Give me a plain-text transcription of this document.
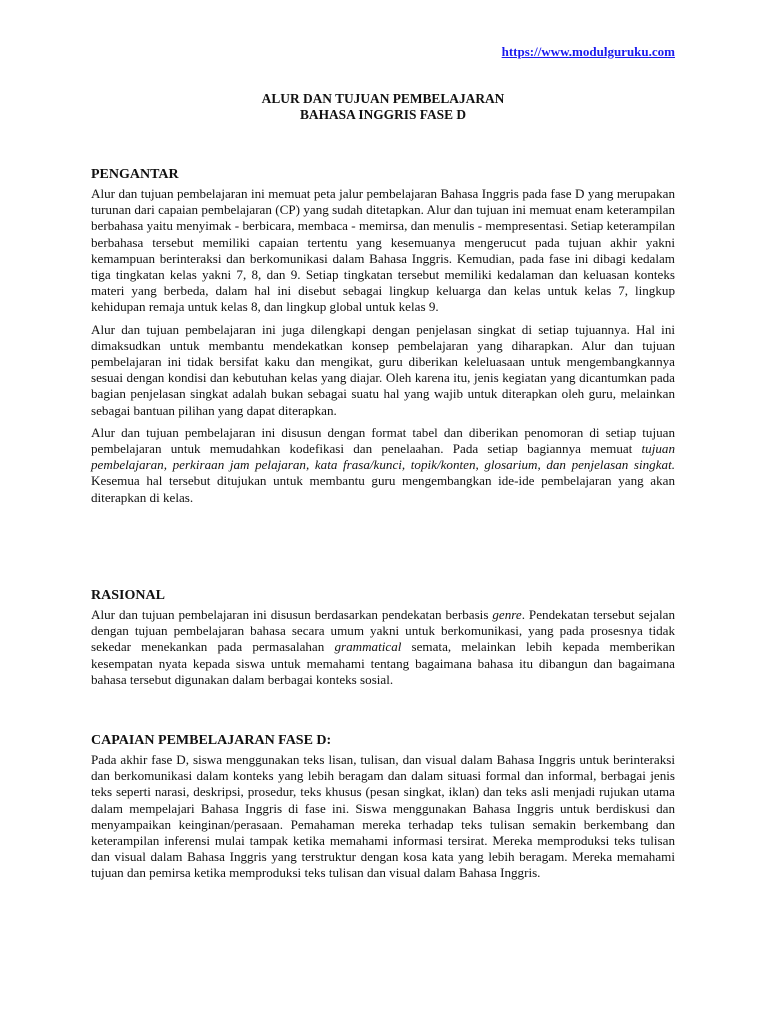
https://www.modulguruku.com
ALUR DAN TUJUAN PEMBELAJARAN
BAHASA INGGRIS FASE D
PENGANTAR

Alur dan tujuan pembelajaran ini memuat peta jalur pembelajaran Bahasa Inggris pada fase D yang merupakan turunan dari capaian pembelajaran (CP) yang sudah ditetapkan. Alur dan tujuan ini memuat enam keterampilan berbahasa yaitu menyimak - berbicara, membaca - memirsa, dan menulis - mempresentasi. Setiap keterampilan berbahasa tersebut memiliki capaian tertentu yang kesemuanya mengerucut pada tujuan akhir yakni kemampuan berinteraksi dan berkomunikasi dalam Bahasa Inggris. Kemudian, pada fase ini dibagi kedalam tiga tingkatan kelas yakni 7, 8, dan 9. Setiap tingkatan tersebut memiliki kedalaman dan keluasan konteks materi yang berbeda, dalam hal ini disebut sebagai lingkup keluarga dan kelas untuk kelas 7, lingkup kehidupan remaja untuk kelas 8, dan lingkup global untuk kelas 9.

Alur dan tujuan pembelajaran ini juga dilengkapi dengan penjelasan singkat di setiap tujuannya. Hal ini dimaksudkan untuk membantu mendekatkan konsep pembelajaran yang diharapkan. Alur dan tujuan pembelajaran ini tidak bersifat kaku dan mengikat, guru diberikan keleluasaan untuk mengembangkannya sesuai dengan kondisi dan kebutuhan kelas yang diajar. Oleh karena itu, jenis kegiatan yang dicantumkan pada bagian penjelasan singkat adalah bukan sebagai suatu hal yang wajib untuk diterapkan oleh guru, melainkan sebagai bantuan pilihan yang dapat diterapkan.

Alur dan tujuan pembelajaran ini disusun dengan format tabel dan diberikan penomoran di setiap tujuan pembelajaran untuk memudahkan kodefikasi dan penelaahan. Pada setiap bagiannya memuat tujuan pembelajaran, perkiraan jam pelajaran, kata frasa/kunci, topik/konten, glosarium, dan penjelasan singkat. Kesemua hal tersebut ditujukan untuk membantu guru mengembangkan ide-ide pembelajaran yang akan diterapkan di kelas.

RASIONAL

Alur dan tujuan pembelajaran ini disusun berdasarkan pendekatan berbasis genre. Pendekatan tersebut sejalan dengan tujuan pembelajaran bahasa secara umum yakni untuk berkomunikasi, yang pada prosesnya tidak sekedar menekankan pada permasalahan grammatical semata, melainkan lebih kepada memberikan kesempatan nyata kepada siswa untuk memahami tentang bagaimana bahasa itu dibangun dan bagaimana bahasa tersebut digunakan dalam berbagai konteks sosial.

CAPAIAN PEMBELAJARAN FASE D:

Pada akhir fase D, siswa menggunakan teks lisan, tulisan, dan visual dalam Bahasa Inggris untuk berinteraksi dan berkomunikasi dalam konteks yang lebih beragam dan dalam situasi formal dan informal, berbagai jenis teks seperti narasi, deskripsi, prosedur, teks khusus (pesan singkat, iklan) dan teks asli menjadi rujukan utama dalam mempelajari Bahasa Inggris di fase ini. Siswa menggunakan Bahasa Inggris untuk berdiskusi dan menyampaikan keinginan/perasaan. Pemahaman mereka terhadap teks tulisan semakin berkembang dan keterampilan inferensi mulai tampak ketika memahami informasi tersirat. Mereka memproduksi teks tulisan dan visual dalam Bahasa Inggris yang terstruktur dengan kosa kata yang lebih beragam. Mereka memahami tujuan dan pemirsa ketika memproduksi teks tulisan dan visual dalam Bahasa Inggris.
